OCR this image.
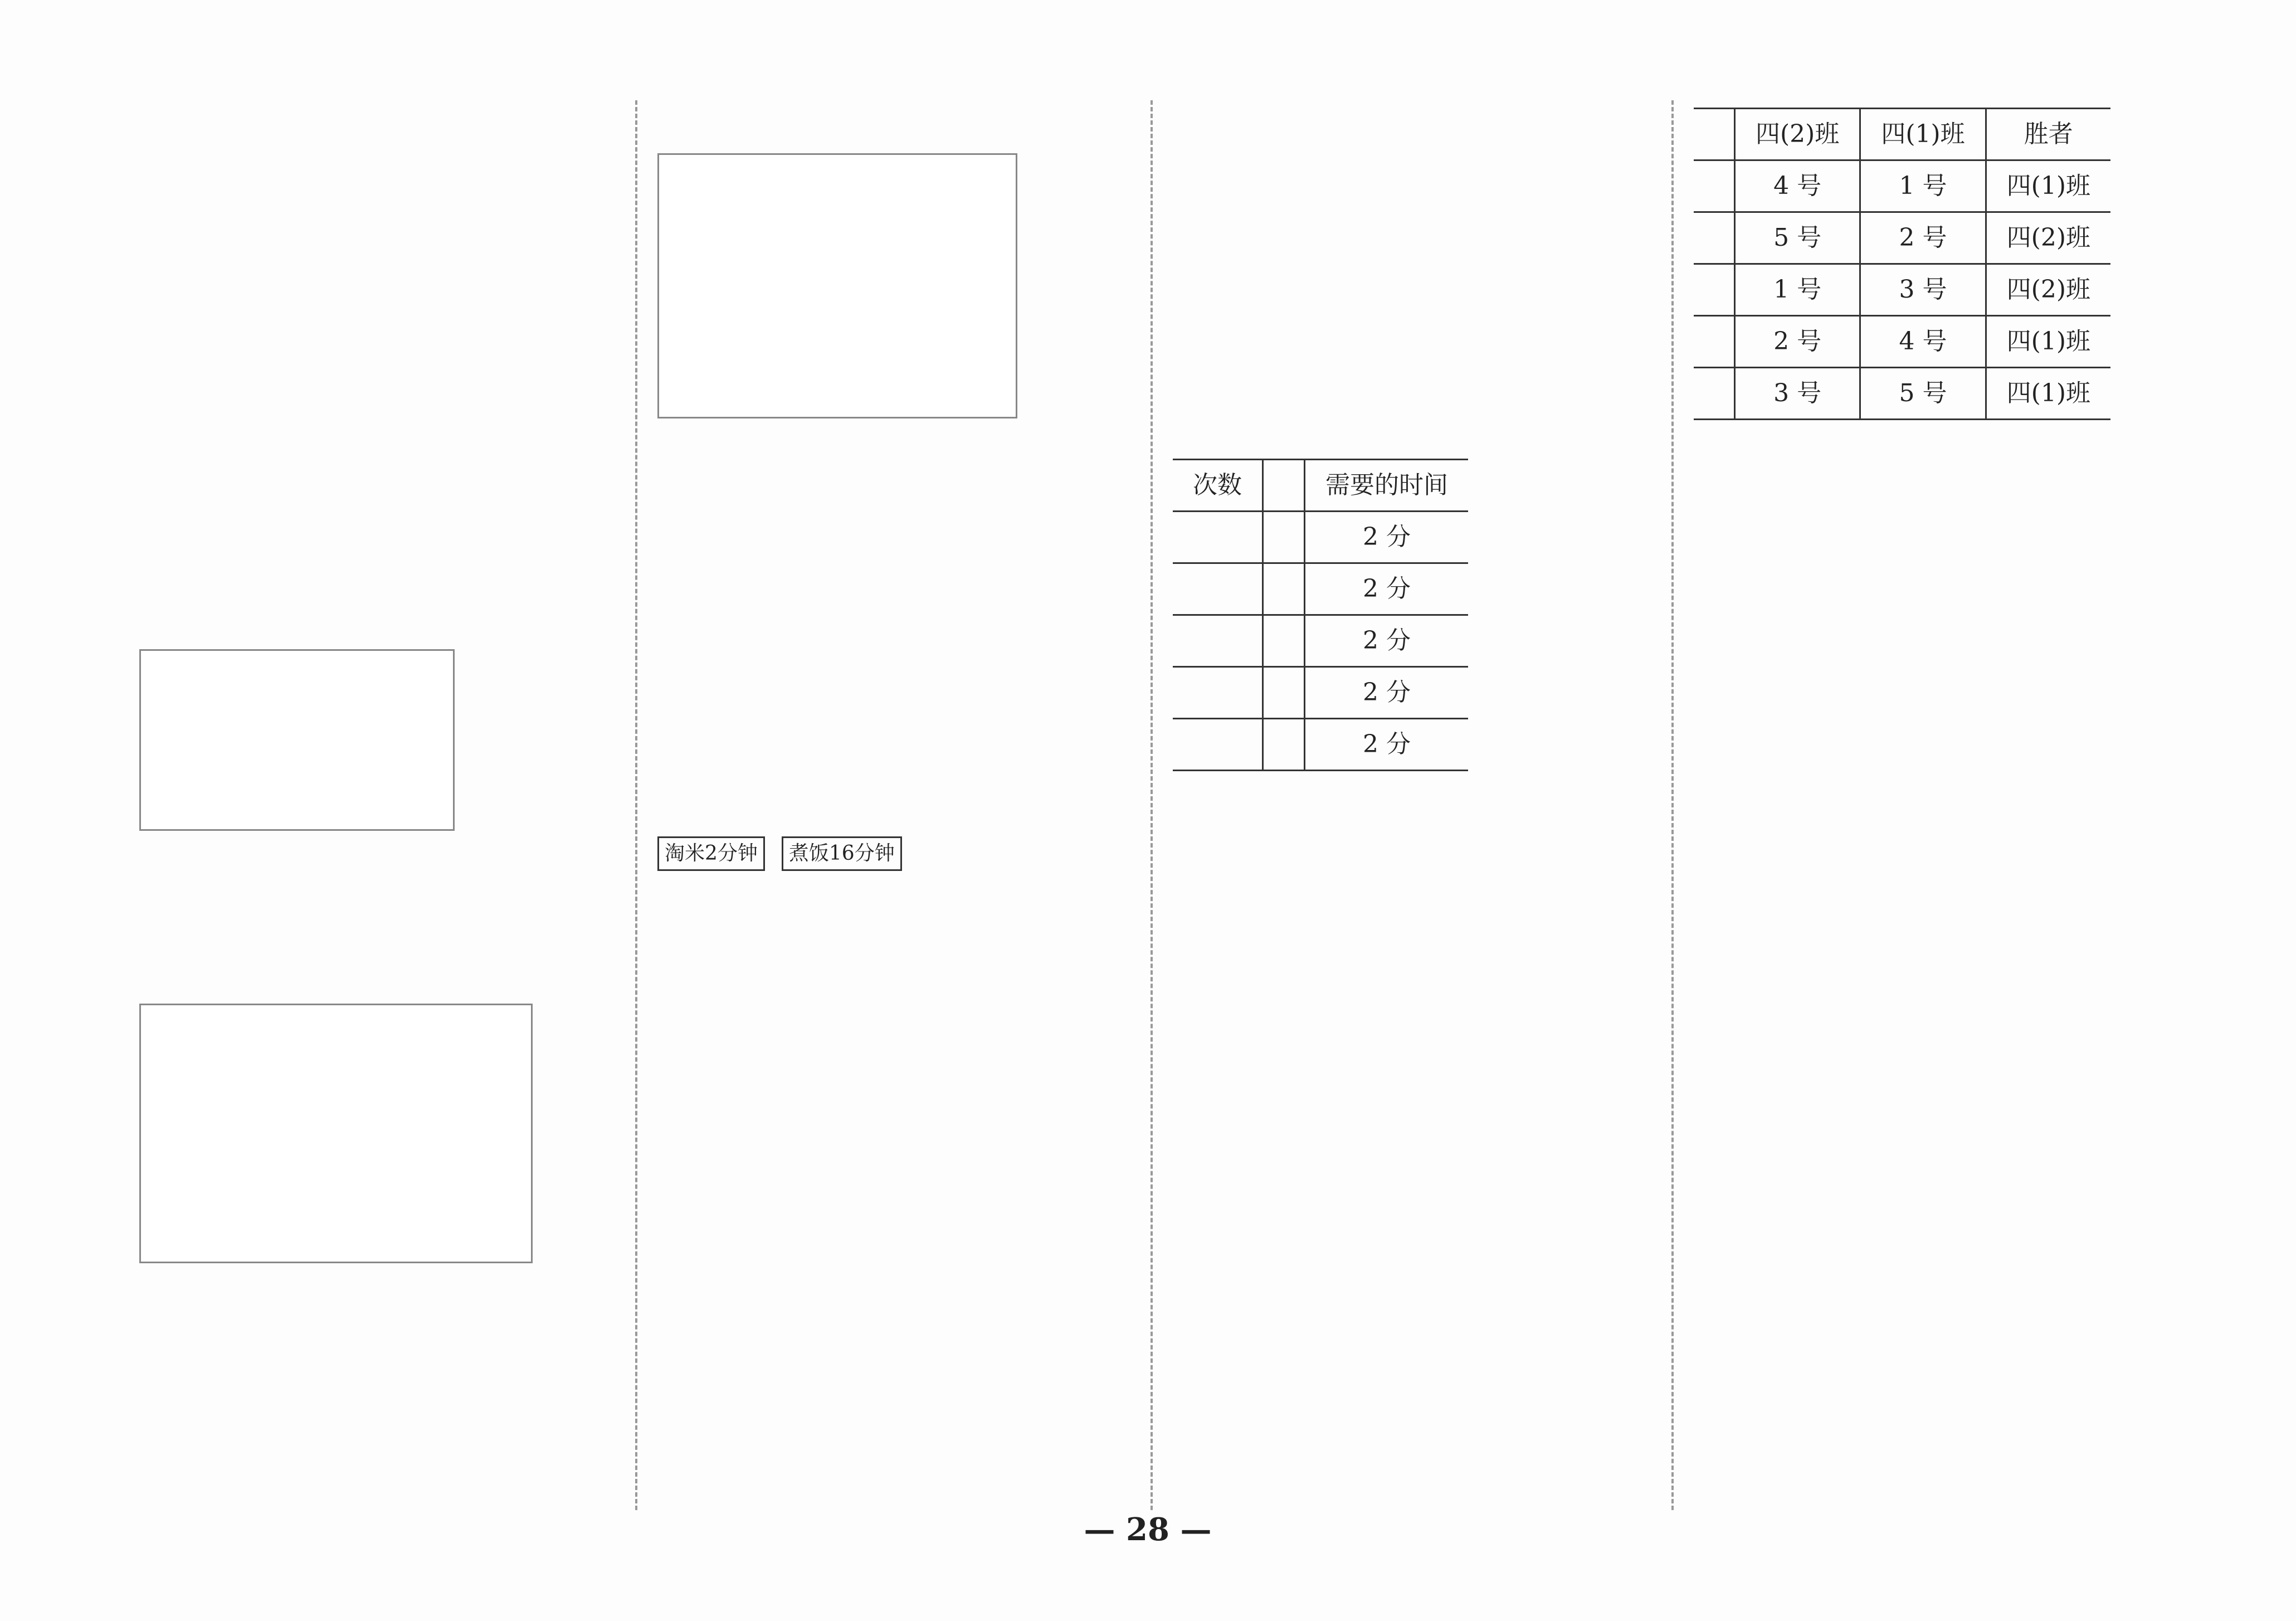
淘米2分钟	煮饭16分钟
次数		需要的时间
		2 分
		2 分
		2 分
		2 分
		2 分
	四(2)班	四(1)班	胜者
	4 号	1 号	四(1)班
	5 号	2 号	四(2)班
	1 号	3 号	四(2)班
	2 号	4 号	四(1)班
	3 号	5 号	四(1)班
— 28 —
